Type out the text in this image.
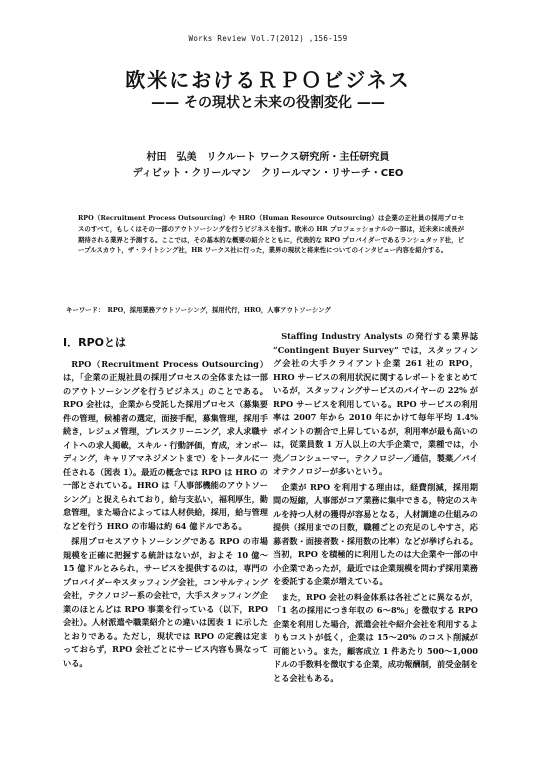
Works Review Vol.7(2012) ,156-159
欧米におけるＲＰＯビジネス
—— その現状と未来の役割変化 ——
村田　弘美　リクルート ワークス研究所・主任研究員
ディビット・クリールマン　クリールマン・リサーチ・CEO

RPO（Recruitment Process Outsourcing）や HRO（Human Resource Outsourcing）は企業の正社員の採用プロセスのすべて，もしくはその一部のアウトソーシングを行うビジネスを指す。欧米の HR プロフェッショナルの一部は，近未来に成長が期待される業界と予測する。ここでは，その基本的な概要の紹介とともに，代表的な RPO プロバイダーであるランシュタッド社，ピープルスカウト，ザ・ライトシング社，HR ワークス社に行った，業界の現状と将来性についてのインタビュー内容を紹介する。

キーワード：　RPO，採用業務アウトソーシング，採用代行，HRO，人事アウトソーシング

Ⅰ．RPOとは

RPO（Recruitment Process Outsourcing）は，「企業の正規社員の採用プロセスの全体または一部のアウトソーシングを行うビジネス」のことである。RPO 会社は，企業から受託した採用プロセス（募集要件の管理，候補者の選定，面接手配，募集管理，採用手続き，レジュメ管理，プレスクリーニング，求人求職サイトへの求人掲載，スキル・行動評価，育成，オンボーディング，キャリアマネジメントまで）をトータルに一任される（図表 1）。最近の概念では RPO は HRO の一部とされている。HRO は「人事部機能のアウトソーシング」と捉えられており，給与支払い，福利厚生，勤怠管理，また場合によっては人材供給，採用，給与管理などを行う HRO の市場は約 64 億ドルである。

採用プロセスアウトソーシングである RPO の市場規模を正確に把握する統計はないが，およそ 10 億〜15 億ドルとみられ，サービスを提供するのは，専門のプロバイダーやスタッフィング会社，コンサルティング会社，テクノロジー系の会社で，大手スタッフィング企業のほとんどは RPO 事業を行っている（以下，RPO 会社）。人材派遣や職業紹介との違いは図表 1 に示したとおりである。ただし，現状では RPO の定義は定まっておらず，RPO 会社ごとにサービス内容も異なっている。

Staffing Industry Analysts の発行する業界誌 “Contingent Buyer Survey” では，スタッフィング会社の大手クライアント企業 261 社の RPO，HRO サービスの利用状況に関するレポートをまとめているが，スタッフィングサービスのバイヤーの 22% が RPO サービスを利用している。RPO サービスの利用率は 2007 年から 2010 年にかけて毎年平均 1.4% ポイントの割合で上昇しているが，利用率が最も高いのは，従業員数 1 万人以上の大手企業で，業種では，小売／コンシューマー，テクノロジー／通信，製薬／バイオテクノロジーが多いという。

企業が RPO を利用する理由は，経費削減，採用期間の短縮，人事部がコア業務に集中できる，特定のスキルを持つ人材の獲得が容易となる，人材調達の仕組みの提供（採用までの日数，職種ごとの充足のしやすさ，応募者数・面接者数・採用数の比率）などが挙げられる。当初，RPO を積極的に利用したのは大企業や一部の中小企業であったが，最近では企業規模を問わず採用業務を委託する企業が増えている。

また，RPO 会社の料金体系は各社ごとに異なるが，「1 名の採用につき年収の 6〜8%」を徴収する RPO 企業を利用した場合，派遣会社や紹介会社を利用するよりもコストが低く，企業は 15〜20% のコスト削減が可能という。また，顧客成立 1 件あたり 500〜1,000 ドルの手数料を徴収する企業，成功報酬制，前受金制をとる会社もある。
